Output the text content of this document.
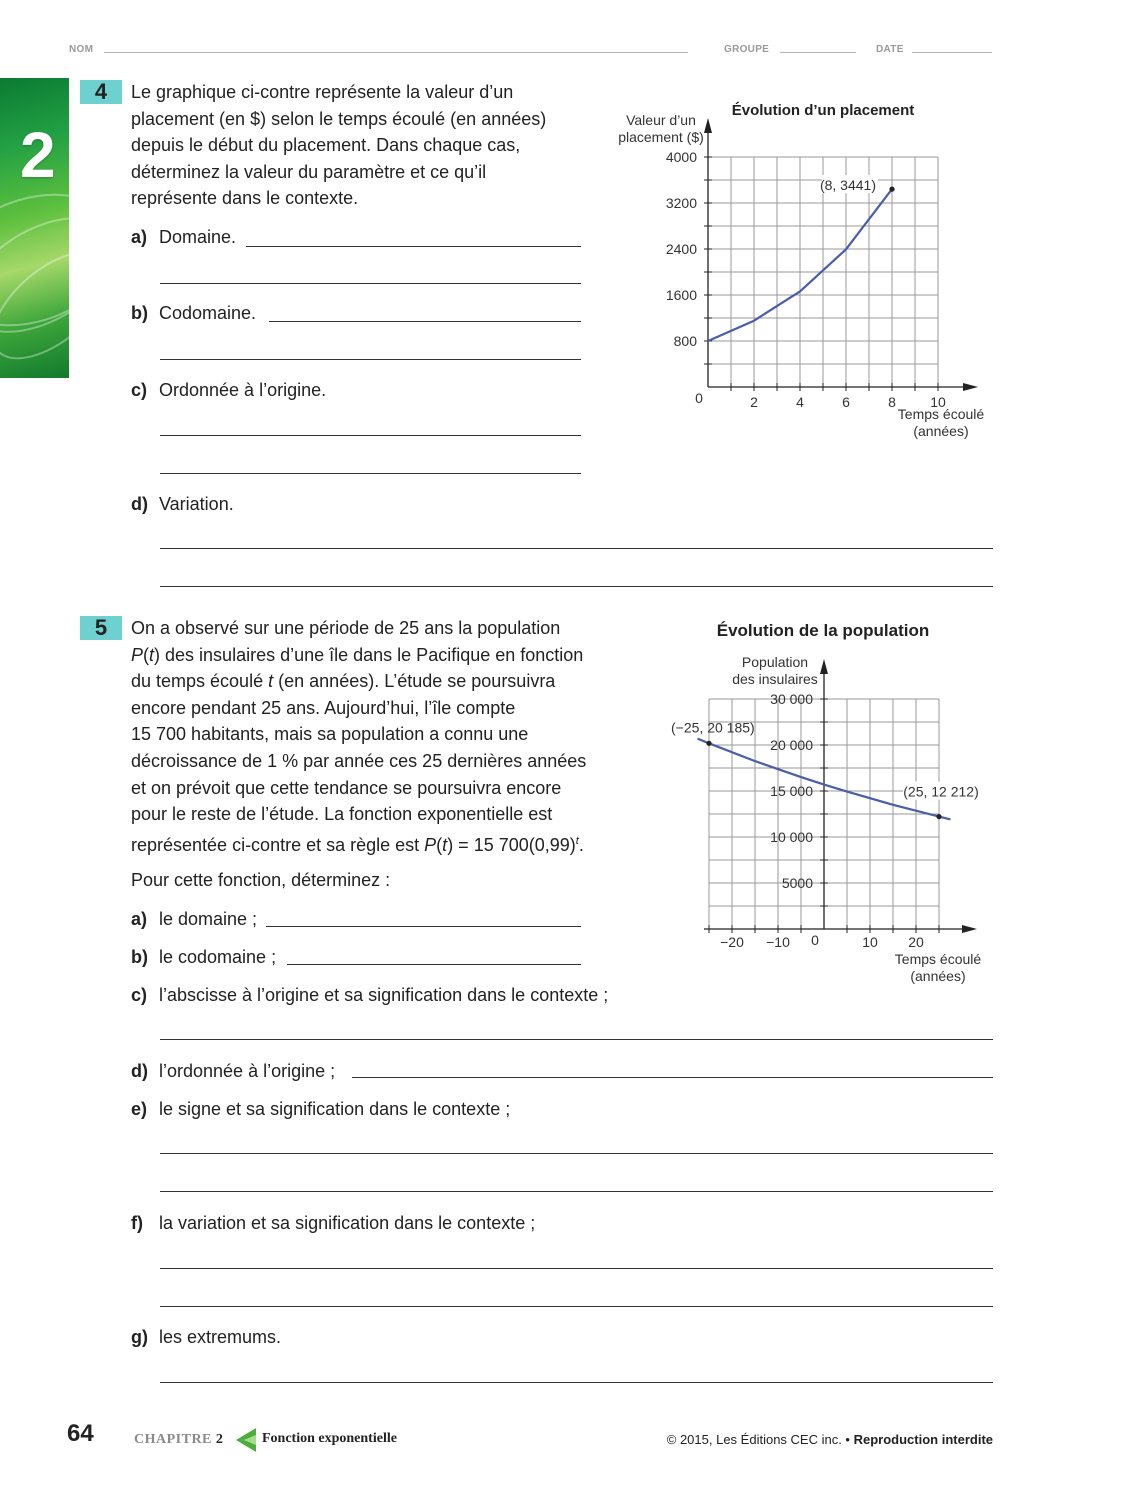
NOM	GROUPE	DATE
2
4	Le graphique ci-contre représente la valeur d’un
placement (en $) selon le temps écoulé (en années)
depuis le début du placement. Dans chaque cas,
déterminez la valeur du paramètre et ce qu’il
représente dans le contexte.
a) Domaine.
b) Codomaine.
c) Ordonnée à l’origine.
d) Variation.
Évolution d’un placement
2	4	6	8 10
800
1600
2400
3200
4000
0
Valeur d’un
placement ($)
Temps écoulé
(années)
(8, 3441)
5	On a observé sur une période de 25 ans la population
P(t) des insulaires d’une île dans le Pacifique en fonction
du temps écoulé t (en années). L’étude se poursuivra
encore pendant 25 ans. Aujourd’hui, l’île compte
15 700 habitants, mais sa population a connu une
décroissance de 1 % par année ces 25 dernières années
et on prévoit que cette tendance se poursuivra encore
pour le reste de l’étude. La fonction exponentielle est
représentée ci-contre et sa règle est P(t) = 15 $700(0,99)^t$.
Pour cette fonction, déterminez :
a) le domaine ;
b) le codomaine ;
c) l’abscisse à l’origine et sa signification dans le contexte ;
d) l’ordonnée à l’origine ;
e) le signe et sa signification dans le contexte ;
f) la variation et sa signification dans le contexte ;
g) les extremums.
Évolution de la population
−20 −10	10 20
5000
10 000
15 000
20 000
30 000
0
Population
des insulaires
Temps écoulé
(années)
(−25, 20 185)
(25, 12 212)
64	CHAPITRE 2	Fonction exponentielle	© 2015, Les Éditions CEC inc. • Reproduction interdite
